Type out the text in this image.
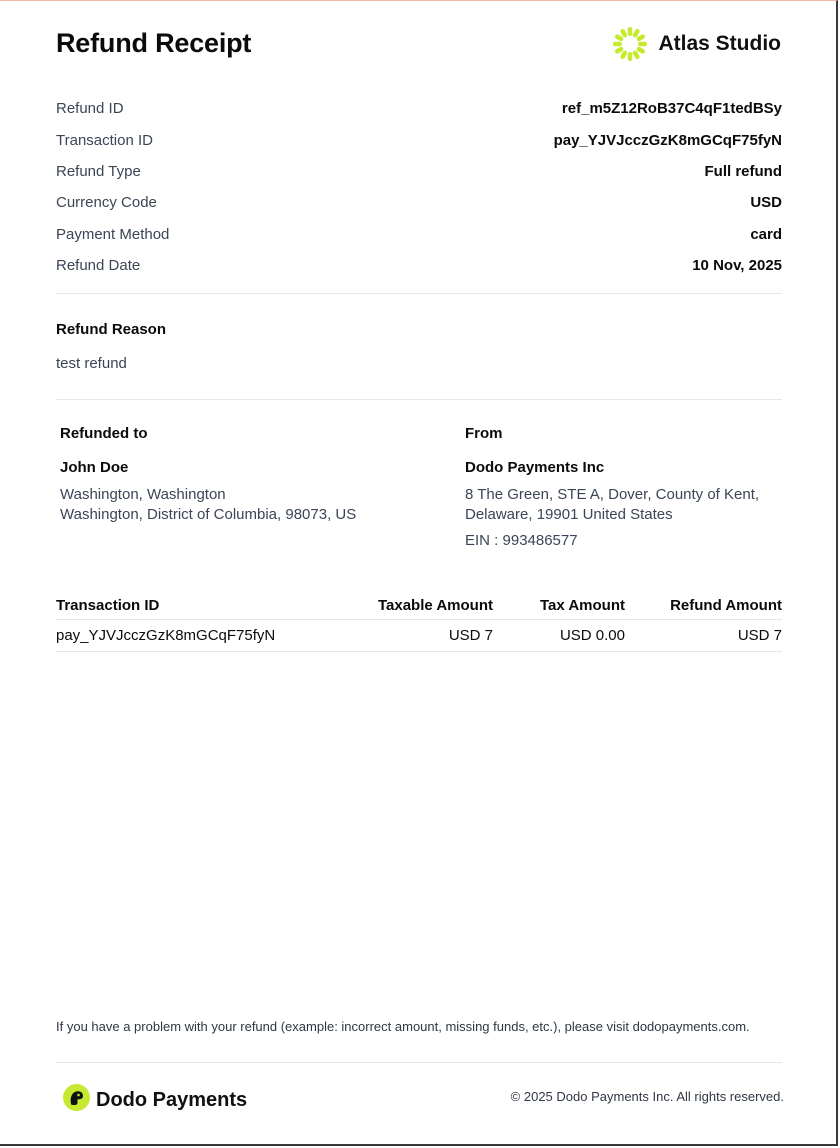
Refund Receipt	Atlas Studio
Refund ID	ref_m5Z12RoB37C4qF1tedBSy
Transaction ID	pay_YJVJcczGzK8mGCqF75fyN
Refund Type	Full refund
Currency Code	USD
Payment Method	card
Refund Date	10 Nov, 2025
Refund Reason
test refund
Refunded to
John Doe
Washington, Washington
Washington, District of Columbia, 98073, US
From
Dodo Payments Inc
8 The Green, STE A, Dover, County of Kent,
Delaware, 19901 United States
EIN : 993486577
Transaction ID	Taxable Amount	Tax Amount	Refund Amount
pay_YJVJcczGzK8mGCqF75fyN	USD 7	USD 0.00	USD 7
If you have a problem with your refund (example: incorrect amount, missing funds, etc.), please visit dodopayments.com.
Dodo Payments	© 2025 Dodo Payments Inc. All rights reserved.
